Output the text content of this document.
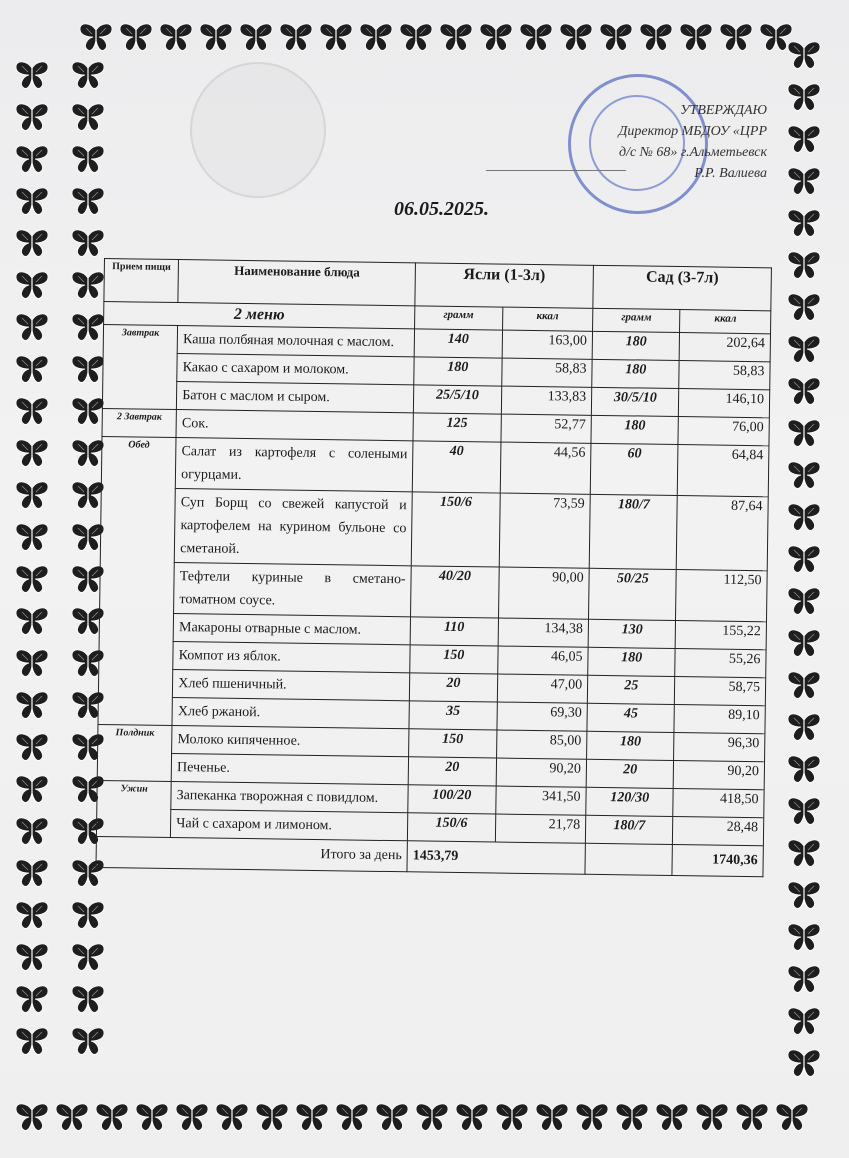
УТВЕРЖДАЮ
Директор МБДОУ «ЦРР
д/с № 68» г.Альметьевск
Р.Р. Валиева
06.05.2025.
Прием пищи	Наименование блюда	Ясли (1-3л)		Сад (3-7л)	
2 меню		грамм	ккал	грамм	ккал
Завтрак	Каша полбяная молочная с маслом.	140	163,00	180	202,64
	Какао с сахаром и молоком.	180	58,83	180	58,83
	Батон с маслом и сыром.	25/5/10	133,83	30/5/10	146,10
2 Завтрак	Сок.	125	52,77	180	76,00
Обед	Салат из картофеля с солеными огурцами.	40	44,56	60	64,84
	Суп Борщ со свежей капустой и картофелем на курином бульоне со сметаной.	150/6	73,59	180/7	87,64
	Тефтели куриные в сметано-томатном соусе.	40/20	90,00	50/25	112,50
	Макароны отварные с маслом.	110	134,38	130	155,22
	Компот из яблок.	150	46,05	180	55,26
	Хлеб пшеничный.	20	47,00	25	58,75
	Хлеб ржаной.	35	69,30	45	89,10
Полдник	Молоко кипяченное.	150	85,00	180	96,30
	Печенье.	20	90,20	20	90,20
Ужин	Запеканка творожная с повидлом.	100/20	341,50	120/30	418,50
	Чай с сахаром и лимоном.	150/6	21,78	180/7	28,48
Итого за день		1453,79			1740,36
